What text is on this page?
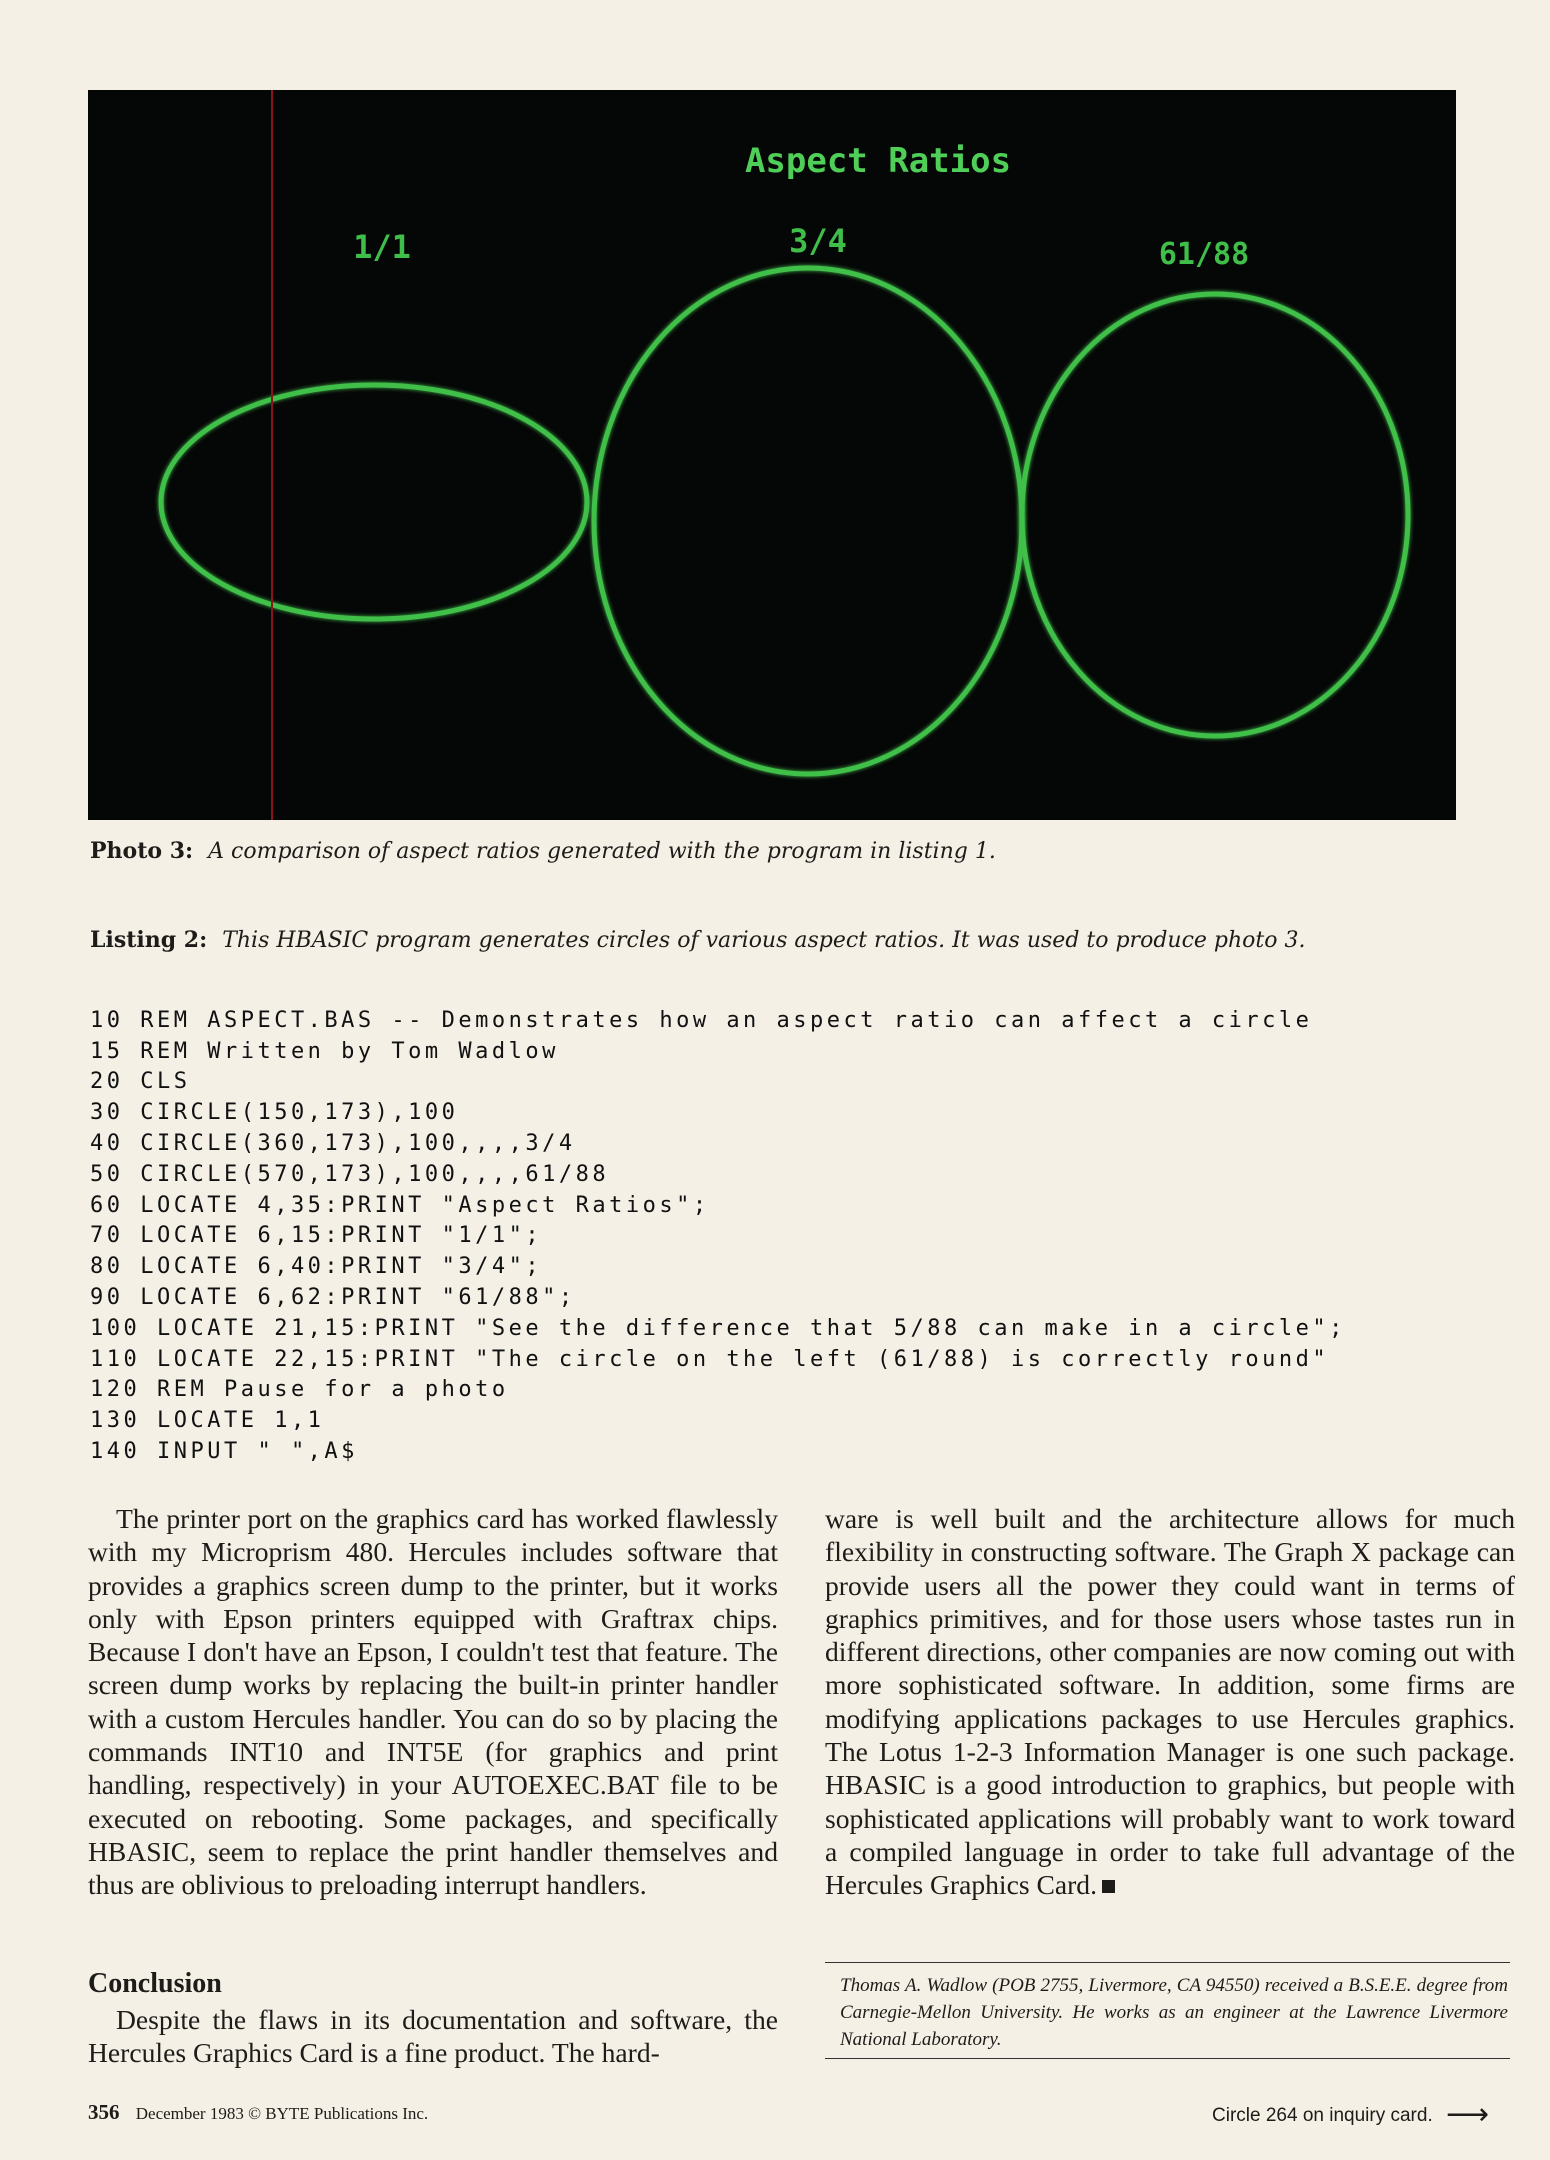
Aspect Ratios
1/1	3/4	61/88
Photo 3: A comparison of aspect ratios generated with the program in listing 1.
Listing 2: This HBASIC program generates circles of various aspect ratios. It was used to produce photo 3.

10 REM ASPECT.BAS -- Demonstrates how an aspect ratio can affect a circle
15 REM Written by Tom Wadlow
20 CLS
30 CIRCLE(150,173),100
40 CIRCLE(360,173),100,,,,3/4
50 CIRCLE(570,173),100,,,,61/88
60 LOCATE 4,35:PRINT "Aspect Ratios";
70 LOCATE 6,15:PRINT "1/1";
80 LOCATE 6,40:PRINT "3/4";
90 LOCATE 6,62:PRINT "61/88";
100 LOCATE 21,15:PRINT "See the difference that 5/88 can make in a circle";
110 LOCATE 22,15:PRINT "The circle on the left (61/88) is correctly round"
120 REM Pause for a photo
130 LOCATE 1,1
140 INPUT " ",A$

The printer port on the graphics card has worked flawlessly with my Microprism 480. Hercules includes software that provides a graphics screen dump to the printer, but it works only with Epson printers equipped with Graftrax chips. Because I don't have an Epson, I couldn't test that feature. The screen dump works by replacing the built-in printer handler with a custom Hercules handler. You can do so by placing the commands INT10 and INT5E (for graphics and print handling, respectively) in your AUTOEXEC.BAT file to be executed on rebooting. Some packages, and specifically HBASIC, seem to replace the print handler themselves and thus are oblivious to preloading interrupt handlers.

Conclusion

Despite the flaws in its documentation and software, the Hercules Graphics Card is a fine product. The hard-

ware is well built and the architecture allows for much flexibility in constructing software. The Graph X package can provide users all the power they could want in terms of graphics primitives, and for those users whose tastes run in different directions, other companies are now coming out with more sophisticated software. In addition, some firms are modifying applications packages to use Hercules graphics. The Lotus 1-2-3 Information Manager is one such package. HBASIC is a good introduction to graphics, but people with sophisticated applications will probably want to work toward a compiled language in order to take full advantage of the Hercules Graphics Card.

Thomas A. Wadlow (POB 2755, Livermore, CA 94550) received a B.S.E.E. degree from Carnegie-Mellon University. He works as an engineer at the Lawrence Livermore National Laboratory.
356 December 1983 © BYTE Publications Inc.	Circle 264 on inquiry card. ⟶
